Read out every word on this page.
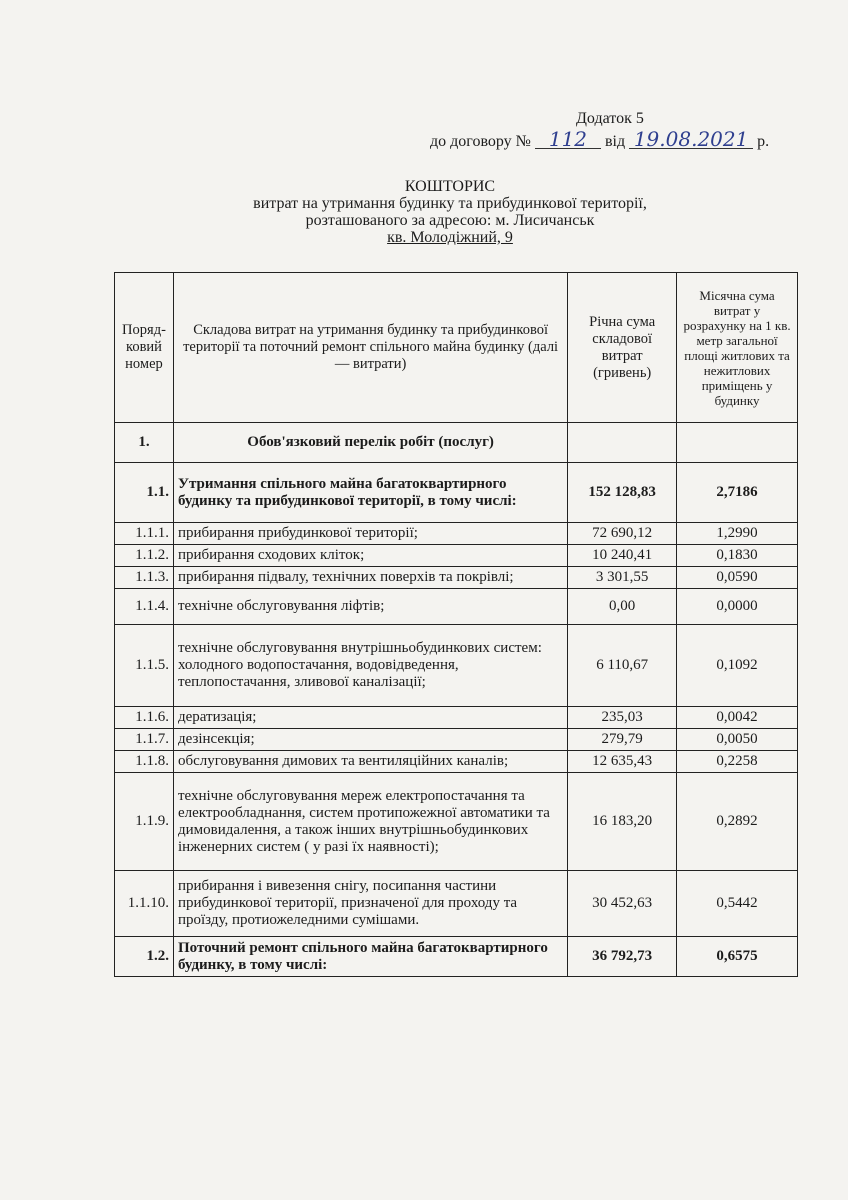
Додаток 5
до договору № 112 від 19.08.2021 р.
КОШТОРИС
витрат на утримання будинку та прибудинкової території,
розташованого за адресою: м. Лисичанськ
кв. Молодіжний, 9
Поряд-ковий номер	Складова витрат на утримання будинку та прибудинкової території та поточний ремонт спільного майна будинку (далі — витрати)	Річна сума складової витрат (гривень)	Місячна сума витрат у розрахунку на 1 кв. метр загальної площі житлових та нежитлових приміщень у будинку
1.	Обов'язковий перелік робіт (послуг)		
1.1.	Утримання спільного майна багатоквартирного будинку та прибудинкової території, в тому числі:	152 128,83	2,7186
1.1.1.	прибирання прибудинкової території;	72 690,12	1,2990
1.1.2.	прибирання сходових кліток;	10 240,41	0,1830
1.1.3.	прибирання підвалу, технічних поверхів та покрівлі;	3 301,55	0,0590
1.1.4.	технічне обслуговування ліфтів;	0,00	0,0000
1.1.5.	технічне обслуговування внутрішньобудинкових систем: холодного водопостачання, водовідведення, теплопостачання, зливової каналізації;	6 110,67	0,1092
1.1.6.	дератизація;	235,03	0,0042
1.1.7.	дезінсекція;	279,79	0,0050
1.1.8.	обслуговування димових та вентиляційних каналів;	12 635,43	0,2258
1.1.9.	технічне обслуговування мереж електропостачання та електрообладнання, систем протипожежної автоматики та димовидалення, а також інших внутрішньобудинкових інженерних систем ( у разі їх наявності);	16 183,20	0,2892
1.1.10.	прибирання і вивезення снігу, посипання частини прибудинкової території, призначеної для проходу та проїзду, протиожеледними сумішами.	30 452,63	0,5442
1.2.	Поточний ремонт спільного майна багатоквартирного будинку, в тому числі:	36 792,73	0,6575
